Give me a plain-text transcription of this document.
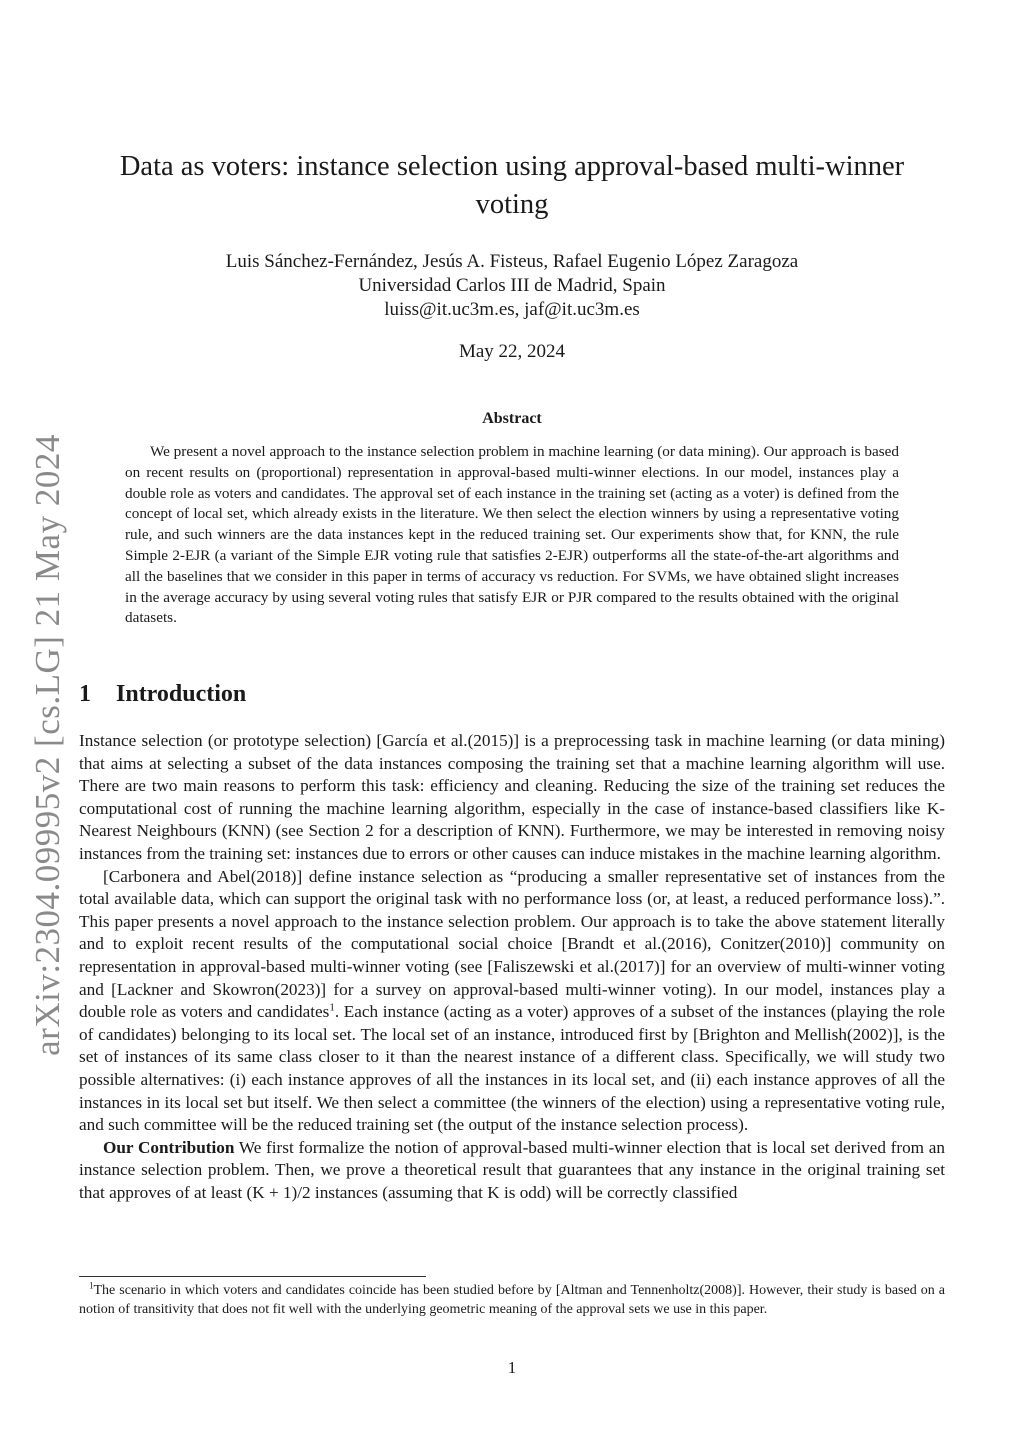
arXiv:2304.09995v2 [cs.LG] 21 May 2024
Data as voters: instance selection using approval-based multi-winner voting
Luis Sánchez-Fernández, Jesús A. Fisteus, Rafael Eugenio López Zaragoza
Universidad Carlos III de Madrid, Spain
luiss@it.uc3m.es, jaf@it.uc3m.es
May 22, 2024
Abstract
We present a novel approach to the instance selection problem in machine learning (or data mining). Our approach is based on recent results on (proportional) representation in approval-based multi-winner elections. In our model, instances play a double role as voters and candidates. The approval set of each instance in the training set (acting as a voter) is defined from the concept of local set, which already exists in the literature. We then select the election winners by using a representative voting rule, and such winners are the data instances kept in the reduced training set. Our experiments show that, for KNN, the rule Simple 2-EJR (a variant of the Simple EJR voting rule that satisfies 2-EJR) outperforms all the state-of-the-art algorithms and all the baselines that we consider in this paper in terms of accuracy vs reduction. For SVMs, we have obtained slight increases in the average accuracy by using several voting rules that satisfy EJR or PJR compared to the results obtained with the original datasets.
1 Introduction

Instance selection (or prototype selection) [García et al.(2015)] is a preprocessing task in machine learning (or data mining) that aims at selecting a subset of the data instances composing the training set that a machine learning algorithm will use. There are two main reasons to perform this task: efficiency and cleaning. Reducing the size of the training set reduces the computational cost of running the machine learning algorithm, especially in the case of instance-based classifiers like K-Nearest Neighbours (KNN) (see Section 2 for a description of KNN). Furthermore, we may be interested in removing noisy instances from the training set: instances due to errors or other causes can induce mistakes in the machine learning algorithm.

[Carbonera and Abel(2018)] define instance selection as “producing a smaller representative set of instances from the total available data, which can support the original task with no performance loss (or, at least, a reduced performance loss).”. This paper presents a novel approach to the instance selection problem. Our approach is to take the above statement literally and to exploit recent results of the computational social choice [Brandt et al.(2016), Conitzer(2010)] community on representation in approval-based multi-winner voting (see [Faliszewski et al.(2017)] for an overview of multi-winner voting and [Lackner and Skowron(2023)] for a survey on approval-based multi-winner voting). In our model, instances play a double role as voters and candidates$^1$. Each instance (acting as a voter) approves of a subset of the instances (playing the role of candidates) belonging to its local set. The local set of an instance, introduced first by [Brighton and Mellish(2002)], is the set of instances of its same class closer to it than the nearest instance of a different class. Specifically, we will study two possible alternatives: (i) each instance approves of all the instances in its local set, and (ii) each instance approves of all the instances in its local set but itself. We then select a committee (the winners of the election) using a representative voting rule, and such committee will be the reduced training set (the output of the instance selection process).

Our Contribution We first formalize the notion of approval-based multi-winner election that is local set derived from an instance selection problem. Then, we prove a theoretical result that guarantees that any instance in the original training set that approves of at least (K + 1)/2 instances (assuming that K is odd) will be correctly classified

$^1$The scenario in which voters and candidates coincide has been studied before by [Altman and Tennenholtz(2008)]. However, their study is based on a notion of transitivity that does not fit well with the underlying geometric meaning of the approval sets we use in this paper.
1
